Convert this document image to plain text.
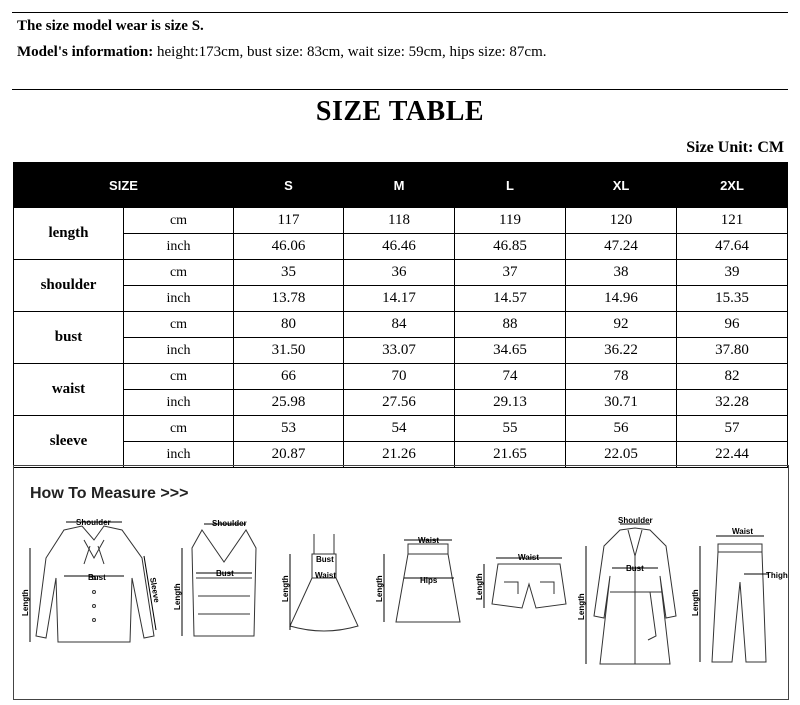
The size model wear is size S.
Model's information: height:173cm, bust size: 83cm, wait size: 59cm, hips size: 87cm.
SIZE TABLE
Size Unit: CM
SIZE		S	M	L	XL	2XL
length	cm	117	118	119	120	121
	inch	46.06	46.46	46.85	47.24	47.64
shoulder	cm	35	36	37	38	39
	inch	13.78	14.17	14.57	14.96	15.35
bust	cm	80	84	88	92	96
	inch	31.50	33.07	34.65	36.22	37.80
waist	cm	66	70	74	78	82
	inch	25.98	27.56	29.13	30.71	32.28
sleeve	cm	53	54	55	56	57
	inch	20.87	21.26	21.65	22.05	22.44
How To Measure >>>
Shoulder
Bust	Sleeve
Length
Shoulder
Bust
Length
Bust
Waist
Length
Waist
Hips
Length
Waist
Length
Shoulder
Bust
Length
Waist
Thigh
Length
